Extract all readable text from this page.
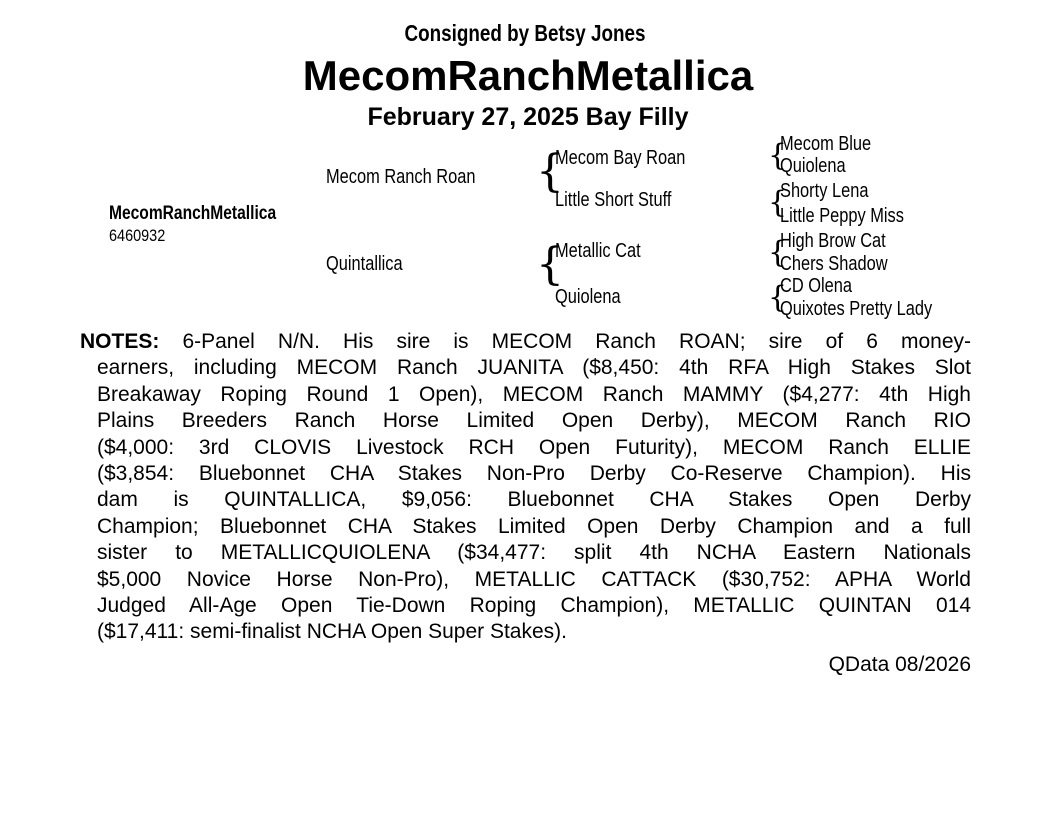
Consigned by Betsy Jones
MecomRanchMetallica
February 27, 2025 Bay Filly
MecomRanchMetallica
6460932
Mecom Ranch Roan
Quintallica
{
Mecom Bay Roan
Little Short Stuff
{
Metallic Cat
Quiolena
{
Mecom Blue
Quiolena
{
Shorty Lena
Little Peppy Miss
{
High Brow Cat
Chers Shadow
{
CD Olena
Quixotes Pretty Lady
NOTES: 6-Panel N/N. His sire is MECOM Ranch ROAN; sire of 6 money-
earners, including MECOM Ranch JUANITA ($8,450: 4th RFA High Stakes Slot
Breakaway Roping Round 1 Open), MECOM Ranch MAMMY ($4,277: 4th High
Plains Breeders Ranch Horse Limited Open Derby), MECOM Ranch RIO
($4,000: 3rd CLOVIS Livestock RCH Open Futurity), MECOM Ranch ELLIE
($3,854: Bluebonnet CHA Stakes Non-Pro Derby Co-Reserve Champion). His
dam is QUINTALLICA, $9,056: Bluebonnet CHA Stakes Open Derby
Champion; Bluebonnet CHA Stakes Limited Open Derby Champion and a full
sister to METALLICQUIOLENA ($34,477: split 4th NCHA Eastern Nationals
$5,000 Novice Horse Non-Pro), METALLIC CATTACK ($30,752: APHA World
Judged All-Age Open Tie-Down Roping Champion), METALLIC QUINTAN 014
($17,411: semi-finalist NCHA Open Super Stakes).
QData 08/2026
